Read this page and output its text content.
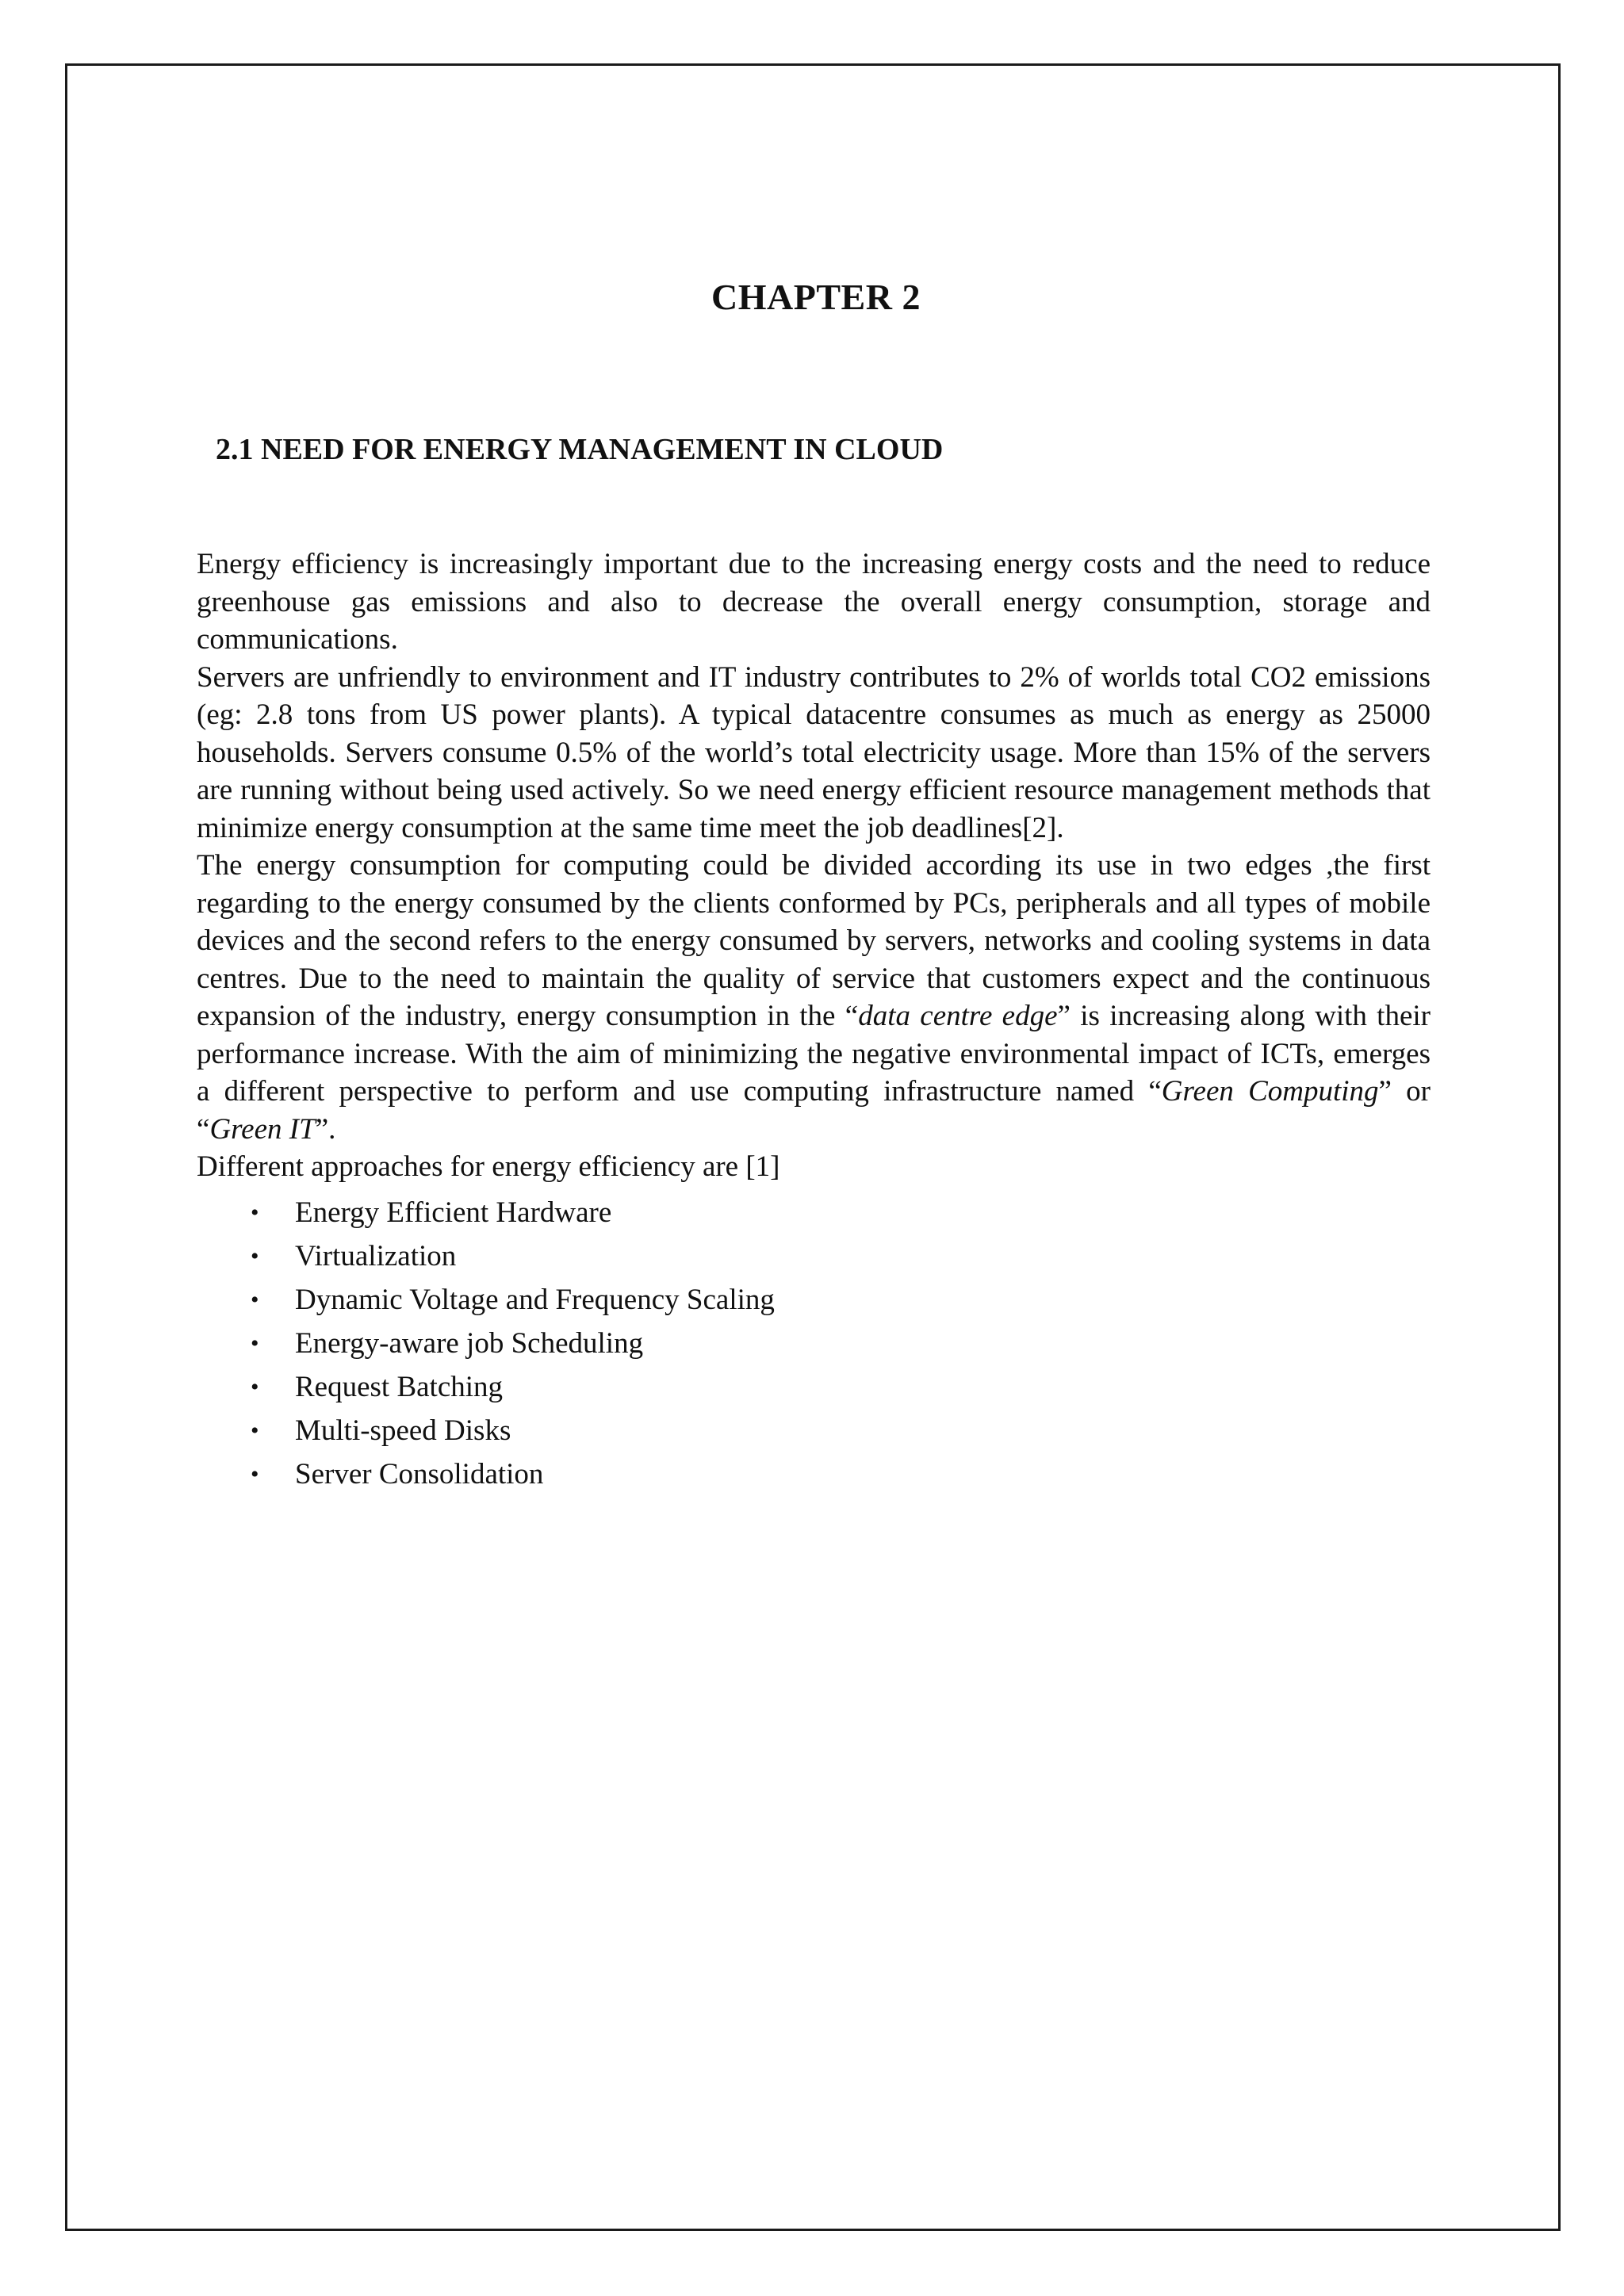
CHAPTER 2
2.1 NEED FOR ENERGY MANAGEMENT IN CLOUD

Energy efficiency is increasingly important due to the increasing energy costs and the need to reduce greenhouse gas emissions and also to decrease the overall energy consumption, storage and communications.

Servers are unfriendly to environment and IT industry contributes to 2% of worlds total CO2 emissions (eg: 2.8 tons from US power plants). A typical datacentre consumes as much as energy as 25000 households. Servers consume 0.5% of the world’s total electricity usage. More than 15% of the servers are running without being used actively. So we need energy efficient resource management methods that minimize energy consumption at the same time meet the job deadlines[2].

The energy consumption for computing could be divided according its use in two edges ,the first regarding to the energy consumed by the clients conformed by PCs, peripherals and all types of mobile devices and the second refers to the energy consumed by servers, networks and cooling systems in data centres. Due to the need to maintain the quality of service that customers expect and the continuous expansion of the industry, energy consumption in the “data centre edge” is increasing along with their performance increase. With the aim of minimizing the negative environmental impact of ICTs, emerges a different perspective to perform and use computing infrastructure named “Green Computing” or “Green IT”.

Different approaches for energy efficiency are [1]

• Energy Efficient Hardware
• Virtualization
• Dynamic Voltage and Frequency Scaling
• Energy-aware job Scheduling
• Request Batching
• Multi-speed Disks
• Server Consolidation
